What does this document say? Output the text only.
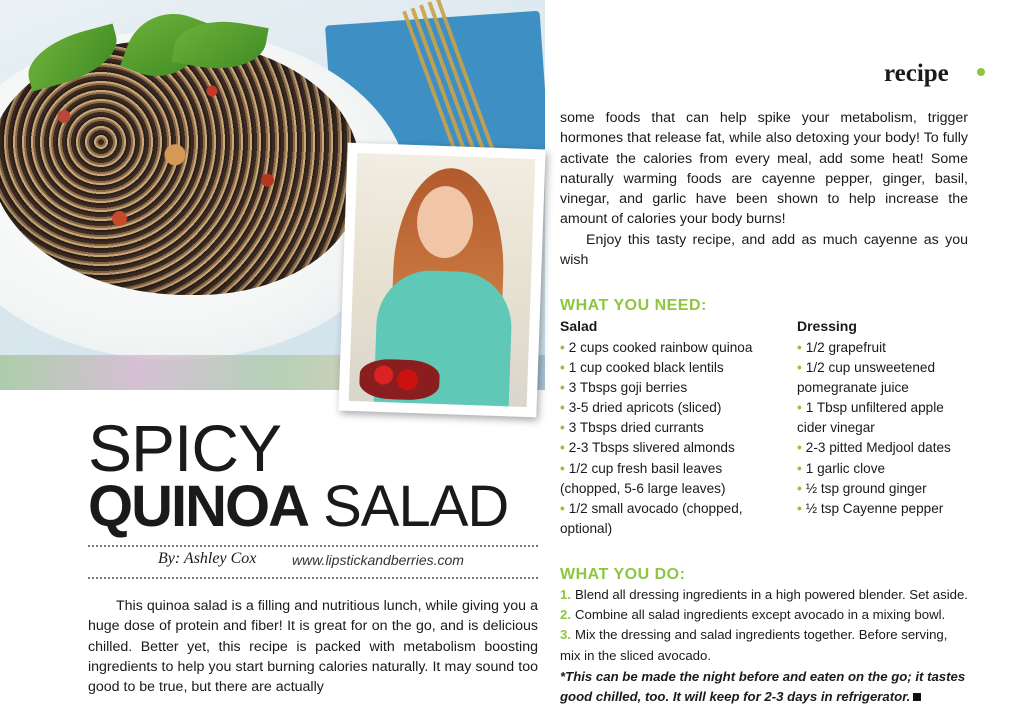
recipe
SPICY
QUINOA SALAD
By: Ashley Cox	www.lipstickandberries.com

This quinoa salad is a filling and nutritious lunch, while giving you a huge dose of protein and fiber! It is great for on the go, and is delicious chilled. Better yet, this recipe is packed with metabolism boosting ingredients to help you start burning calories naturally. It may sound too good to be true, but there are actually

some foods that can help spike your metabolism, trigger hormones that release fat, while also detoxing your body! To fully activate the calories from every meal, add some heat! Some naturally warming foods are cayenne pepper, ginger, basil, vinegar, and garlic have been shown to help increase the amount of calories your body burns!

Enjoy this tasty recipe, and add as much cayenne as you wish

WHAT YOU NEED:
Salad
• 2 cups cooked rainbow quinoa
• 1 cup cooked black lentils
• 3 Tbsps goji berries
• 3-5 dried apricots (sliced)
• 3 Tbsps dried currants
• 2-3 Tbsps slivered almonds
• 1/2 cup fresh basil leaves (chopped, 5-6 large leaves)
• 1/2 small avocado (chopped, optional)
Dressing
• 1/2 grapefruit
• 1/2 cup unsweetened pomegranate juice
• 1 Tbsp unfiltered apple cider vinegar
• 2-3 pitted Medjool dates
• 1 garlic clove
• ½ tsp ground ginger
• ½ tsp Cayenne pepper
WHAT YOU DO:
1. Blend all dressing ingredients in a high powered blender. Set aside.
2. Combine all salad ingredients except avocado in a mixing bowl.
3. Mix the dressing and salad ingredients together. Before serving, mix in the sliced avocado.
*This can be made the night before and eaten on the go; it tastes good chilled, too. It will keep for 2-3 days in refrigerator.
